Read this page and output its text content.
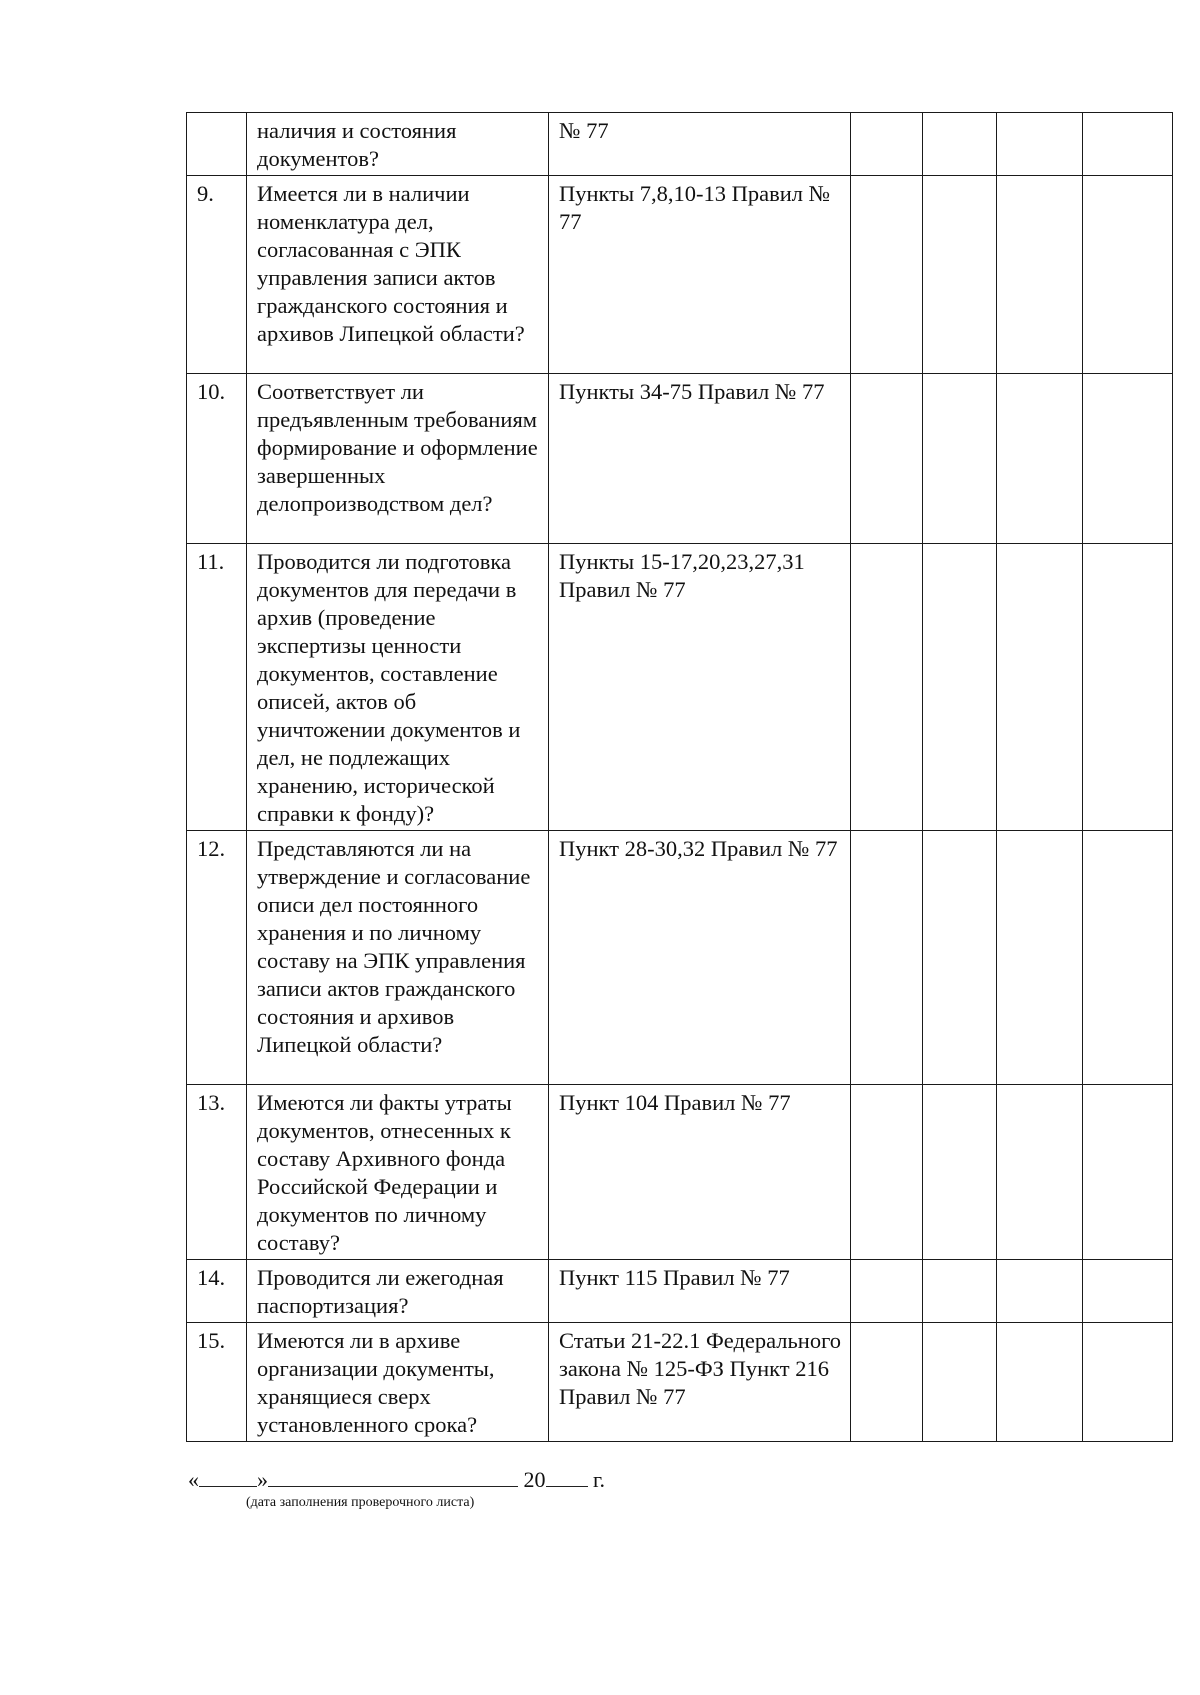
	наличия и состояния документов?	№ 77				
9.	Имеется ли в наличии номенклатура дел, согласованная с ЭПК управления записи актов гражданского состояния и архивов Липецкой области?	Пункты 7,8,10-13 Правил № 77				
10.	Соответствует ли предъявленным требованиям формирование и оформление завершенных делопроизводством дел?	Пункты 34-75 Правил № 77				
11.	Проводится ли подготовка документов для передачи в архив (проведение экспертизы ценности документов, составление описей, актов об уничтожении документов и дел, не подлежащих хранению, исторической справки к фонду)?	Пункты 15-17,20,23,27,31 Правил № 77				
12.	Представляются ли на утверждение и согласование описи дел постоянного хранения и по личному составу на ЭПК управления записи актов гражданского состояния и архивов Липецкой области?	Пункт 28-30,32 Правил № 77				
13.	Имеются ли факты утраты документов, отнесенных к составу Архивного фонда Российской Федерации и документов по личному составу?	Пункт 104 Правил № 77				
14.	Проводится ли ежегодная паспортизация?	Пункт 115 Правил № 77				
15.	Имеются ли в архиве организации документы, хранящиеся сверх установленного срока?	Статьи 21-22.1 Федерального закона № 125-ФЗ Пункт 216 Правил № 77				
«	»	20 г.
(дата заполнения проверочного листа)
